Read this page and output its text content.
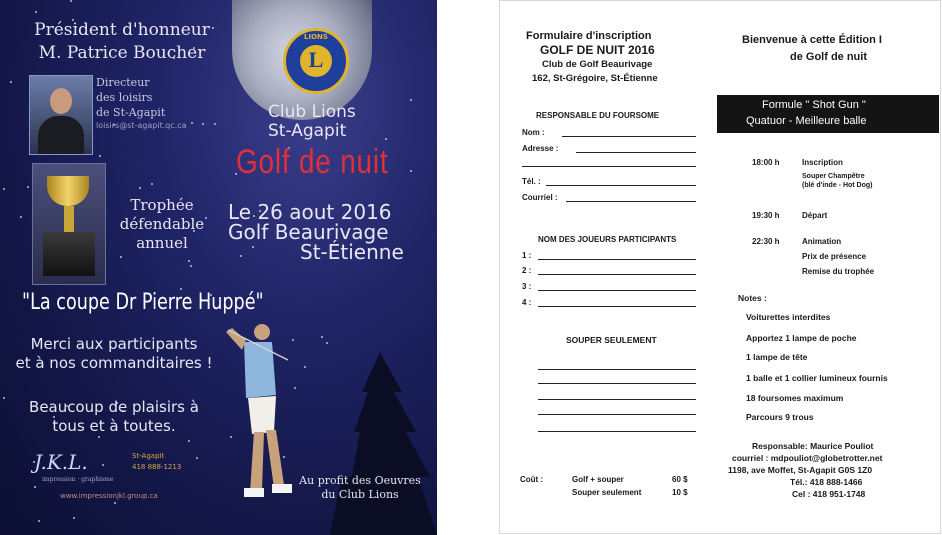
Président d'honneur
M. Patrice Boucher
Directeur
des loisirs
de St-Agapit
loisirs@st-agapit.qc.ca
LIONS
L
Club Lions
St-Agapit
Golf de nuit
Le 26 aout 2016
Golf Beaurivage
St-Étienne
Trophée
défendable
annuel
"La coupe Dr Pierre Huppé"
Merci aux participants
et à nos commanditaires !
Beaucoup de plaisirs à
tous et à toutes.
J.K.L.
impression · graphisme
St-Agapit
418 888-1213
www.impressionjkl.group.ca
Au profit des Oeuvres
du Club Lions
Formulaire d'inscription
GOLF DE NUIT 2016
Club de Golf Beaurivage
162, St-Grégoire, St-Étienne
RESPONSABLE DU FOURSOME
Nom :
Adresse :
Tél. :
Courriel :
NOM DES JOUEURS PARTICIPANTS
1 :
2 :
3 :
4 :
SOUPER SEULEMENT
Coût :	Golf + souper	60 $
Souper seulement	10 $
Bienvenue à cette Édition I
de Golf de nuit
Formule " Shot Gun "
Quatuor - Meilleure balle
18:00 h	Inscription
Souper Champêtre
(blé d'inde - Hot Dog)
19:30 h	Départ
22:30 h	Animation
Prix de présence
Remise du trophée
Notes :
Voiturettes interdites
Apportez 1 lampe de poche
1 lampe de tête
1 balle et 1 collier lumineux fournis
18 foursomes maximum
Parcours 9 trous
Responsable: Maurice Pouliot
courriel : mdpouliot@globetrotter.net
1198, ave Moffet, St-Agapit G0S 1Z0
Tél.: 418 888-1466
Cel : 418 951-1748
